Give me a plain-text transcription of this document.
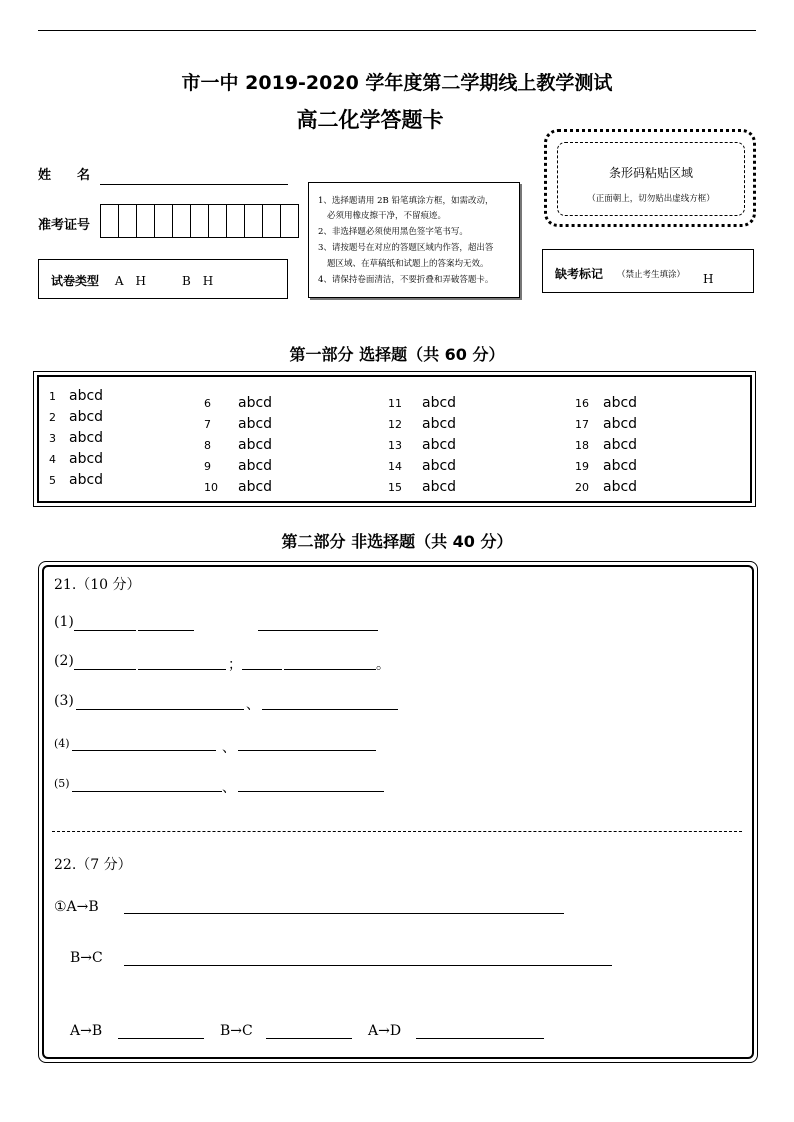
市一中 2019-2020 学年度第二学期线上教学测试
高二化学答题卡
姓　　名
准考证号
试卷类型 A　H　　　B　H
1、选择题请用 2B 铅笔填涂方框，如需改动，
必须用橡皮擦干净，不留痕迹。
2、非选择题必须使用黑色签字笔书写。
3、请按题号在对应的答题区域内作答，超出答
题区域、在草稿纸和试题上的答案均无效。
4、请保持卷面清洁，不要折叠和弄破答题卡。
条形码粘贴区域
（正面朝上，切勿贴出虚线方框）
缺考标记 （禁止考生填涂） H
第一部分 选择题（共 60 分）
1 abcd
2 abcd
3 abcd
4 abcd
5 abcd
6 abcd
7 abcd
8 abcd
9 abcd
10 abcd
11 abcd
12 abcd
13 abcd
14 abcd
15 abcd
16 abcd
17 abcd
18 abcd
19 abcd
20 abcd
第二部分 非选择题（共 40 分）
21.（10 分）
(1)
(2)	；	。
(3)	、
(4)	、
(5)	、
22.（7 分）
①A→B
B→C
A→B	B→C	A→D
